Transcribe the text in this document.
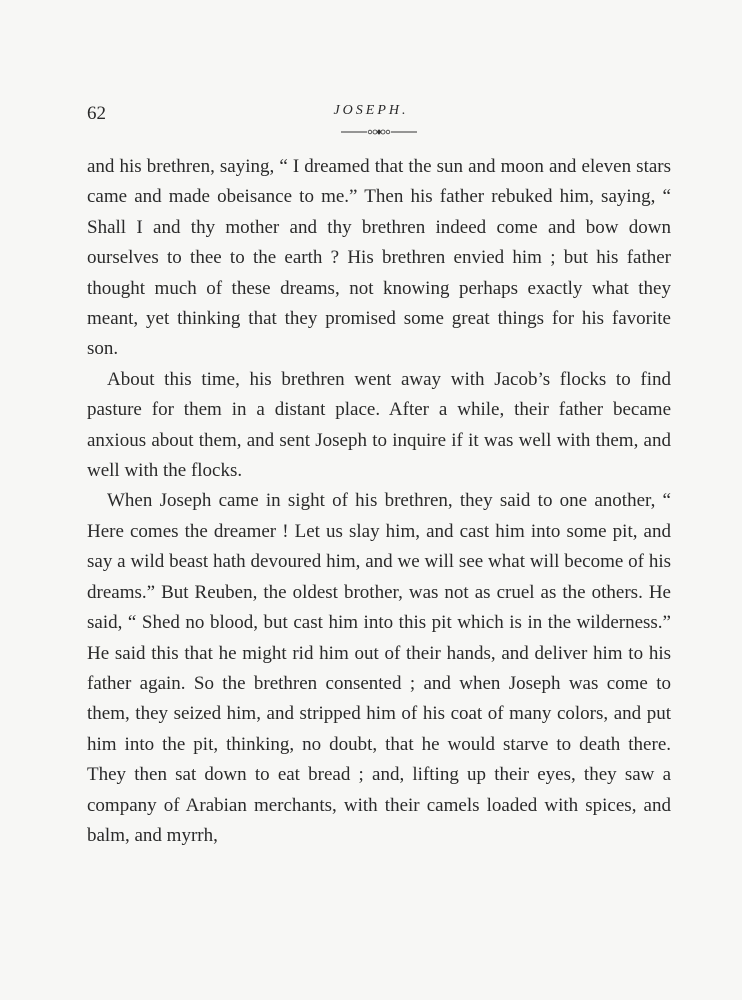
62	JOSEPH.

and his brethren, saying, “ I dreamed that the sun and moon and eleven stars came and made obeisance to me.” Then his father rebuked him, saying, “ Shall I and thy mother and thy brethren indeed come and bow down ourselves to thee to the earth ? His brethren envied him ; but his father thought much of these dreams, not knowing perhaps exactly what they meant, yet thinking that they promised some great things for his favorite son.

About this time, his brethren went away with Jacob’s flocks to find pasture for them in a distant place. After a while, their father became anxious about them, and sent Joseph to inquire if it was well with them, and well with the flocks.

When Joseph came in sight of his brethren, they said to one another, “ Here comes the dreamer ! Let us slay him, and cast him into some pit, and say a wild beast hath devoured him, and we will see what will become of his dreams.” But Reuben, the oldest brother, was not as cruel as the others. He said, “ Shed no blood, but cast him into this pit which is in the wilderness.” He said this that he might rid him out of their hands, and deliver him to his father again. So the brethren consented ; and when Joseph was come to them, they seized him, and stripped him of his coat of many colors, and put him into the pit, thinking, no doubt, that he would starve to death there. They then sat down to eat bread ; and, lifting up their eyes, they saw a company of Arabian merchants, with their camels loaded with spices, and balm, and myrrh,
